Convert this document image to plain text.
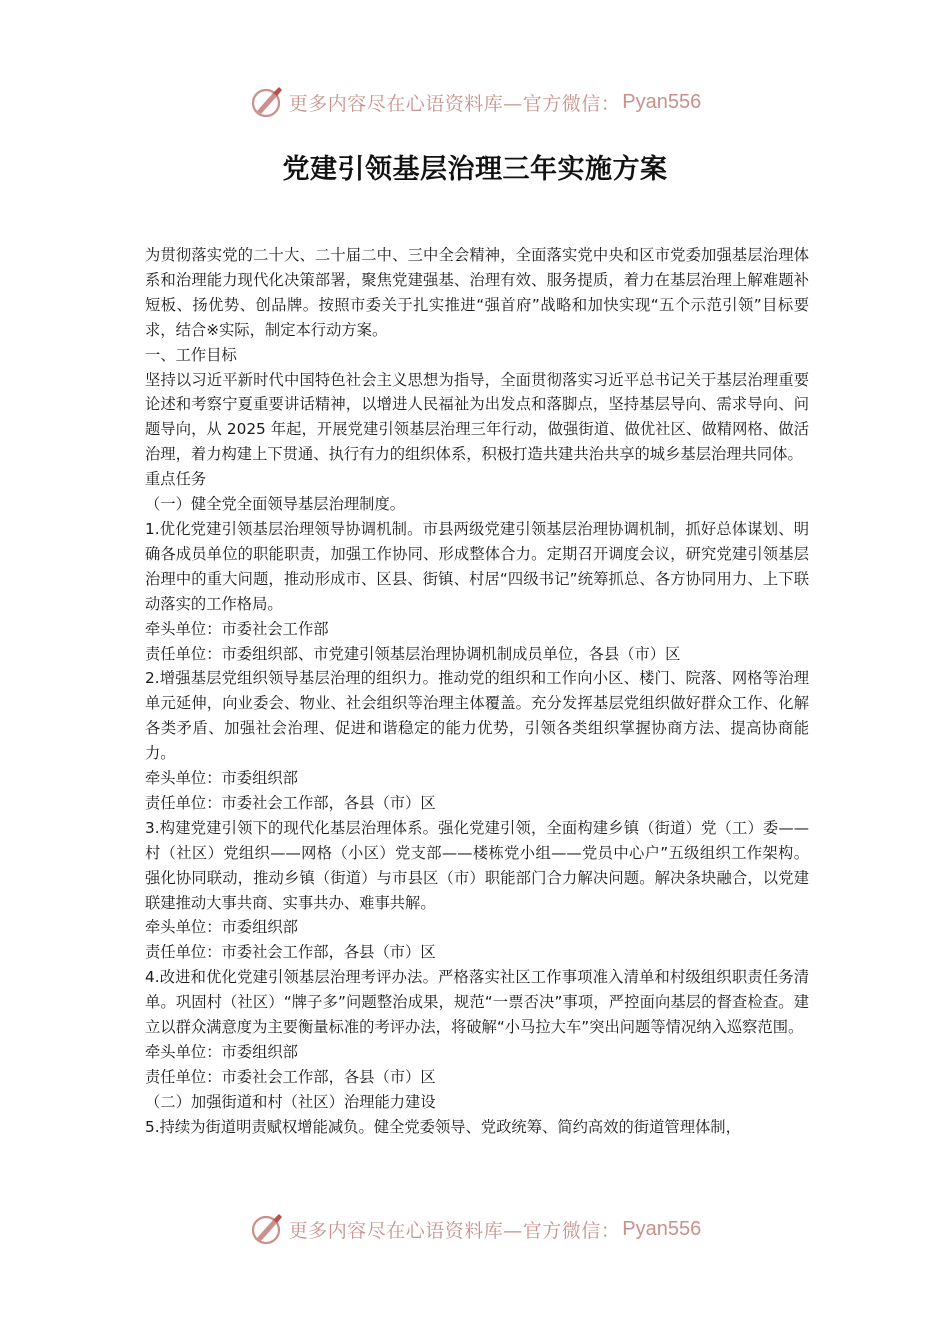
更多内容尽在心语资料库—官方微信： Pyan556
党建引领基层治理三年实施方案

为贯彻落实党的二十大、二十届二中、三中全会精神，全面落实党中央和区市党委加强基层治理体系和治理能力现代化决策部署，聚焦党建强基、治理有效、服务提质，着力在基层治理上解难题补短板、扬优势、创品牌。按照市委关于扎实推进“强首府”战略和加快实现“五个示范引领”目标要求，结合※实际，制定本行动方案。

一、工作目标

坚持以习近平新时代中国特色社会主义思想为指导，全面贯彻落实习近平总书记关于基层治理重要论述和考察宁夏重要讲话精神，以增进人民福祉为出发点和落脚点，坚持基层导向、需求导向、问题导向，从 2025 年起，开展党建引领基层治理三年行动，做强街道、做优社区、做精网格、做活治理，着力构建上下贯通、执行有力的组织体系，积极打造共建共治共享的城乡基层治理共同体。

重点任务

（一）健全党全面领导基层治理制度。

1.优化党建引领基层治理领导协调机制。市县两级党建引领基层治理协调机制，抓好总体谋划、明确各成员单位的职能职责，加强工作协同、形成整体合力。定期召开调度会议，研究党建引领基层治理中的重大问题，推动形成市、区县、街镇、村居“四级书记”统筹抓总、各方协同用力、上下联动落实的工作格局。

牵头单位：市委社会工作部

责任单位：市委组织部、市党建引领基层治理协调机制成员单位，各县（市）区

2.增强基层党组织领导基层治理的组织力。推动党的组织和工作向小区、楼门、院落、网格等治理单元延伸，向业委会、物业、社会组织等治理主体覆盖。充分发挥基层党组织做好群众工作、化解各类矛盾、加强社会治理、促进和谐稳定的能力优势，引领各类组织掌握协商方法、提高协商能力。

牵头单位：市委组织部

责任单位：市委社会工作部，各县（市）区

3.构建党建引领下的现代化基层治理体系。强化党建引领，全面构建乡镇（街道）党（工）委——村（社区）党组织——网格（小区）党支部——楼栋党小组——党员中心户”五级组织工作架构。强化协同联动，推动乡镇（街道）与市县区（市）职能部门合力解决问题。解决条块融合，以党建联建推动大事共商、实事共办、难事共解。

牵头单位：市委组织部

责任单位：市委社会工作部，各县（市）区

4.改进和优化党建引领基层治理考评办法。严格落实社区工作事项准入清单和村级组织职责任务清单。巩固村（社区）“牌子多”问题整治成果，规范“一票否决”事项，严控面向基层的督查检查。建立以群众满意度为主要衡量标准的考评办法，将破解“小马拉大车”突出问题等情况纳入巡察范围。

牵头单位：市委组织部

责任单位：市委社会工作部，各县（市）区

（二）加强街道和村（社区）治理能力建设

5.持续为街道明责赋权增能减负。健全党委领导、党政统筹、简约高效的街道管理体制，

更多内容尽在心语资料库—官方微信： Pyan556
